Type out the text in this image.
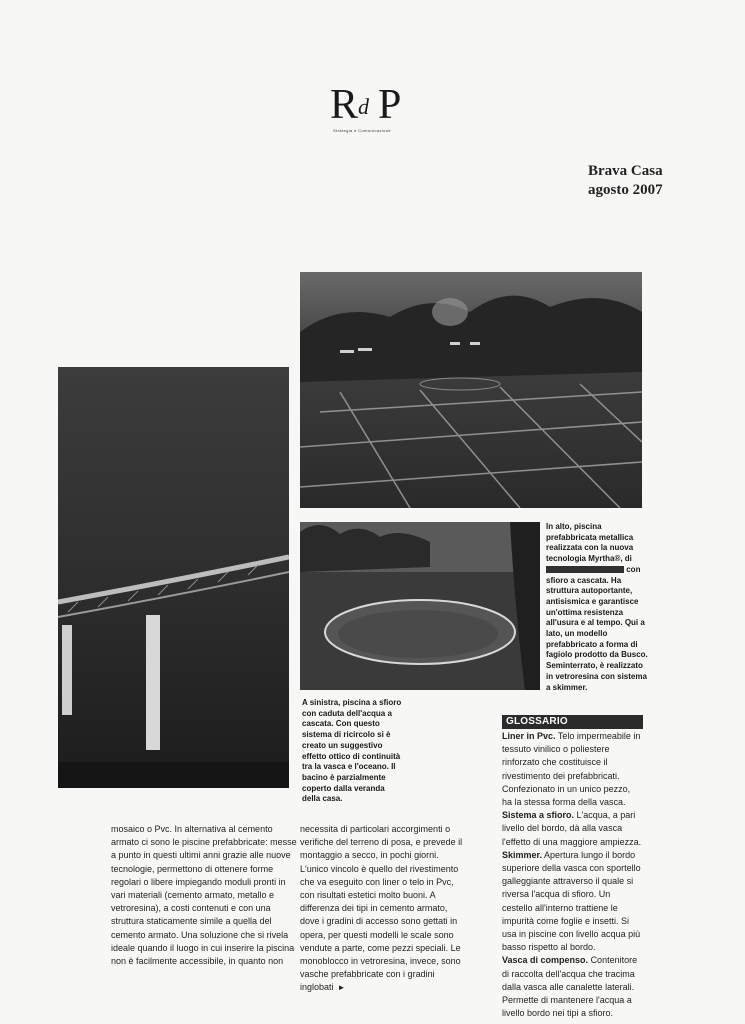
R d P
Strategia e Comunicazione
Brava Casa
agosto 2007
In alto, piscina prefabbricata metallica realizzata con la nuova tecnologia Myrtha®, di  con sfioro a cascata. Ha struttura autoportante, antisismica e garantisce un'ottima resistenza all'usura e al tempo. Qui a lato, un modello prefabbricato a forma di fagiolo prodotto da Busco. Seminterrato, è realizzato in vetroresina con sistema a skimmer.
A sinistra, piscina a sfioro con caduta dell'acqua a cascata. Con questo sistema di ricircolo si è creato un suggestivo effetto ottico di continuità tra la vasca e l'oceano. Il bacino è parzialmente coperto dalla veranda della casa.

mosaico o Pvc. In alternativa al cemento armato ci sono le piscine prefabbricate: messe a punto in questi ultimi anni grazie alle nuove tecnologie, permettono di ottenere forme regolari o libere impiegando moduli pronti in vari materiali (cemento armato, metallo e vetroresina), a costi contenuti e con una struttura staticamente simile a quella del cemento armato. Una soluzione che si rivela ideale quando il luogo in cui inserire la piscina non è facilmente accessibile, in quanto non

necessita di particolari accorgimenti o verifiche del terreno di posa, e prevede il montaggio a secco, in pochi giorni. L'unico vincolo è quello del rivestimento che va eseguito con liner o telo in Pvc, con risultati estetici molto buoni. A differenza dei tipi in cemento armato, dove i gradini di accesso sono gettati in opera, per questi modelli le scale sono vendute a parte, come pezzi speciali. Le monoblocco in vetroresina, invece, sono vasche prefabbricate con i gradini inglobati ►

GLOSSARIO

Liner in Pvc. Telo impermeabile in tessuto vinilico o poliestere rinforzato che costituisce il rivestimento dei prefabbricati. Confezionato in un unico pezzo, ha la stessa forma della vasca.

Sistema a sfioro. L'acqua, a pari livello del bordo, dà alla vasca l'effetto di una maggiore ampiezza.

Skimmer. Apertura lungo il bordo superiore della vasca con sportello galleggiante attraverso il quale si riversa l'acqua di sfioro. Un cestello all'interno trattiene le impurità come foglie e insetti. Si usa in piscine con livello acqua più basso rispetto al bordo.

Vasca di compenso. Contenitore di raccolta dell'acqua che tracima dalla vasca alle canalette laterali. Permette di mantenere l'acqua a livello bordo nei tipi a sfioro.
